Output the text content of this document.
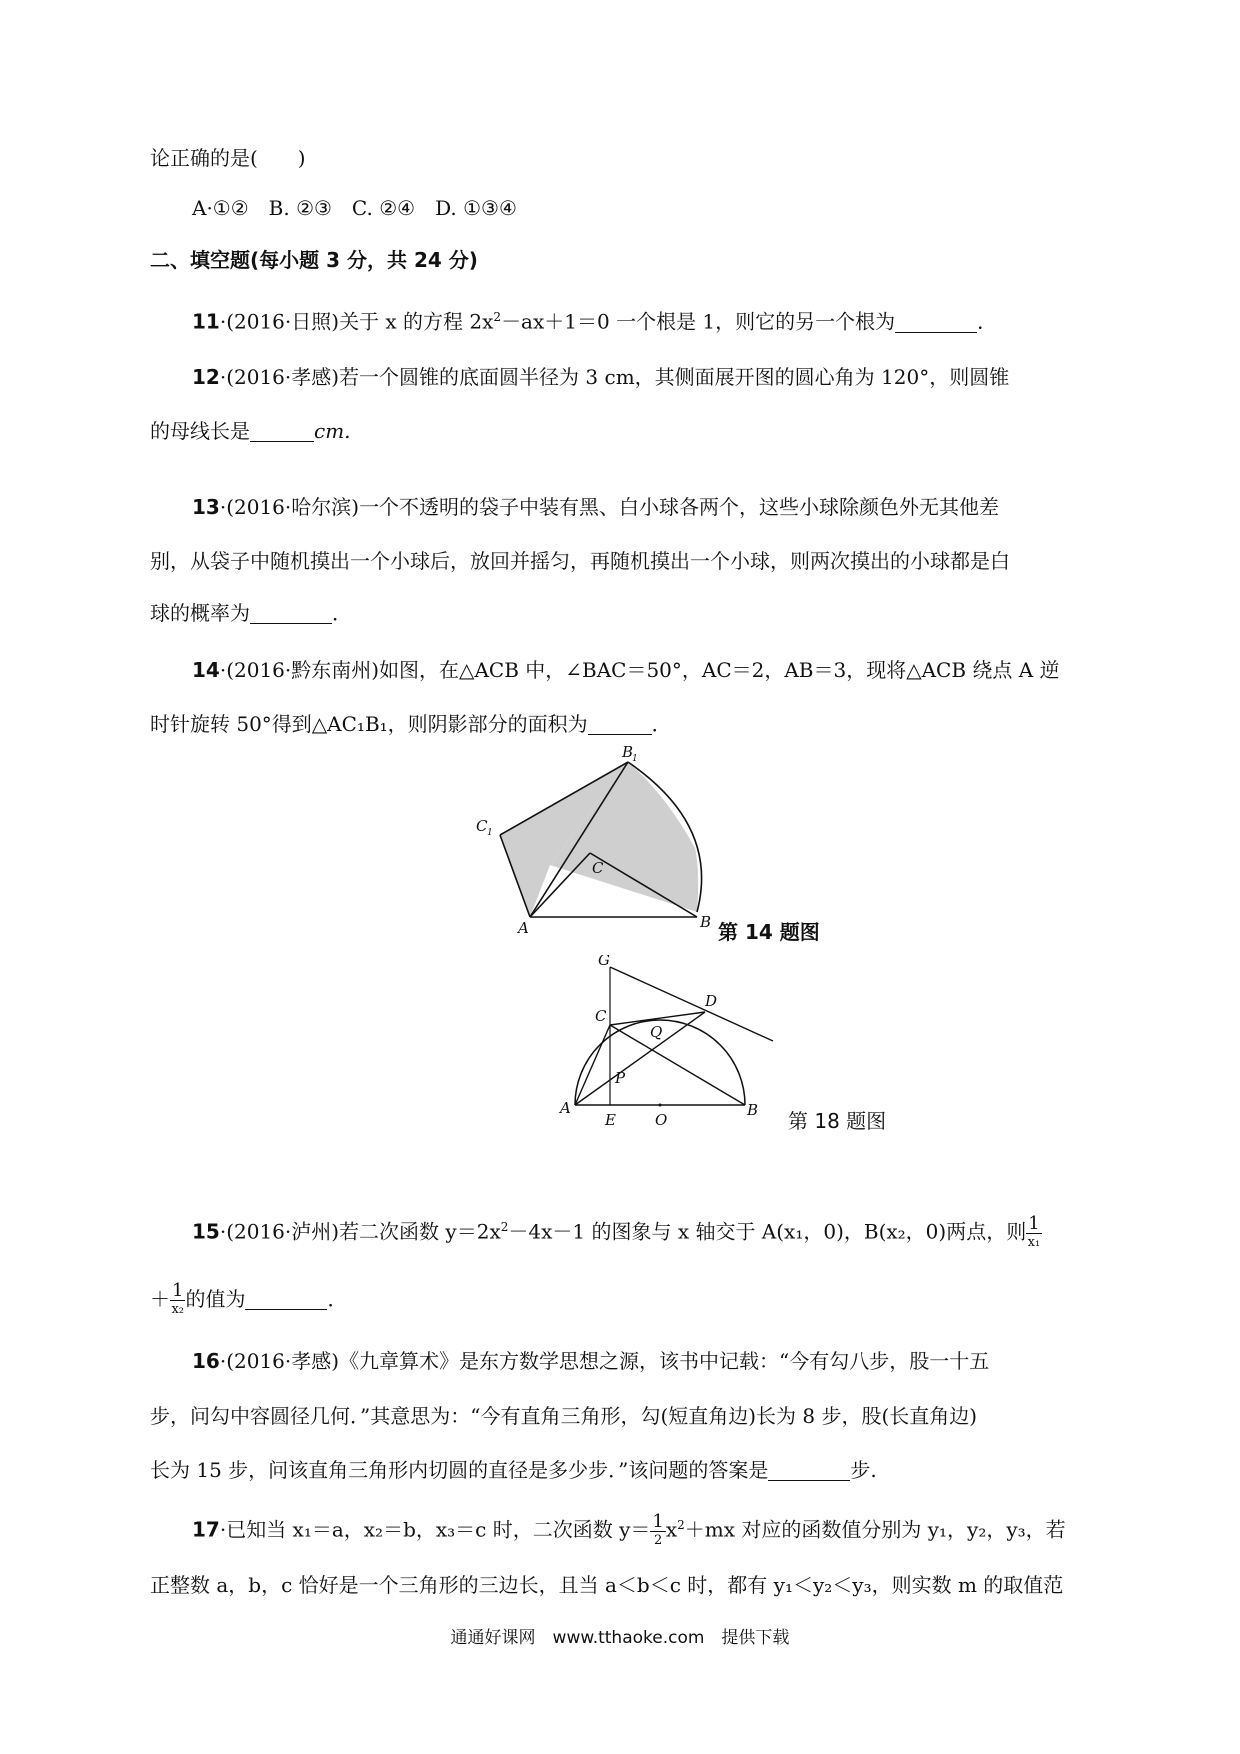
论正确的是(　　)
A·①②　B. ②③　C. ②④　D. ①③④
二、填空题(每小题 3 分，共 24 分)
11·(2016·日照)关于 x 的方程 $2x^2-ax+1=0$ 一个根是 1，则它的另一个根为	．
12·(2016·孝感)若一个圆锥的底面圆半径为 3 cm，其侧面展开图的圆心角为 120°，则圆锥
的母线长是	cm.
13·(2016·哈尔滨)一个不透明的袋子中装有黑、白小球各两个，这些小球除颜色外无其他差
别，从袋子中随机摸出一个小球后，放回并摇匀，再随机摸出一个小球，则两次摸出的小球都是白
球的概率为	．
14·(2016·黔东南州)如图，在△ACB 中，∠BAC＝50°，AC＝2，AB＝3，现将△ACB 绕点 A 逆
时针旋转 50°得到△AC₁B₁，则阴影部分的面积为	．
B
1
C 1
C
A	B 第 14 题图
G
C
D
Q
P
A
E	O
B 第 18 题图
15·(2016·泸州)若二次函数 $y=2x^2-4x-1$ 的图象与 x 轴交于 A(x₁，0)，B(x₂，0)两点，则 $\frac{1}{\text{x₁}}$
＋ $\frac{1}{\text{x₂}}$ 的值为	．
16·(2016·孝感)《九章算术》是东方数学思想之源，该书中记载：“今有勾八步，股一十五
步，问勾中容圆径几何．”其意思为：“今有直角三角形，勾(短直角边)长为 8 步，股(长直角边)
长为 15 步，问该直角三角形内切圆的直径是多少步．”该问题的答案是	步.
17·已知当 x₁＝a，x₂＝b，x₃＝c 时，二次函数 $y= \frac{1}{2} x^2+mx$ 对应的函数值分别为 y₁，y₂，y₃，若
正整数 a，b，c 恰好是一个三角形的三边长，且当 a＜b＜c 时，都有 y₁＜y₂＜y₃，则实数 m 的取值范
通通好课网　www.tthaoke.com　提供下载
